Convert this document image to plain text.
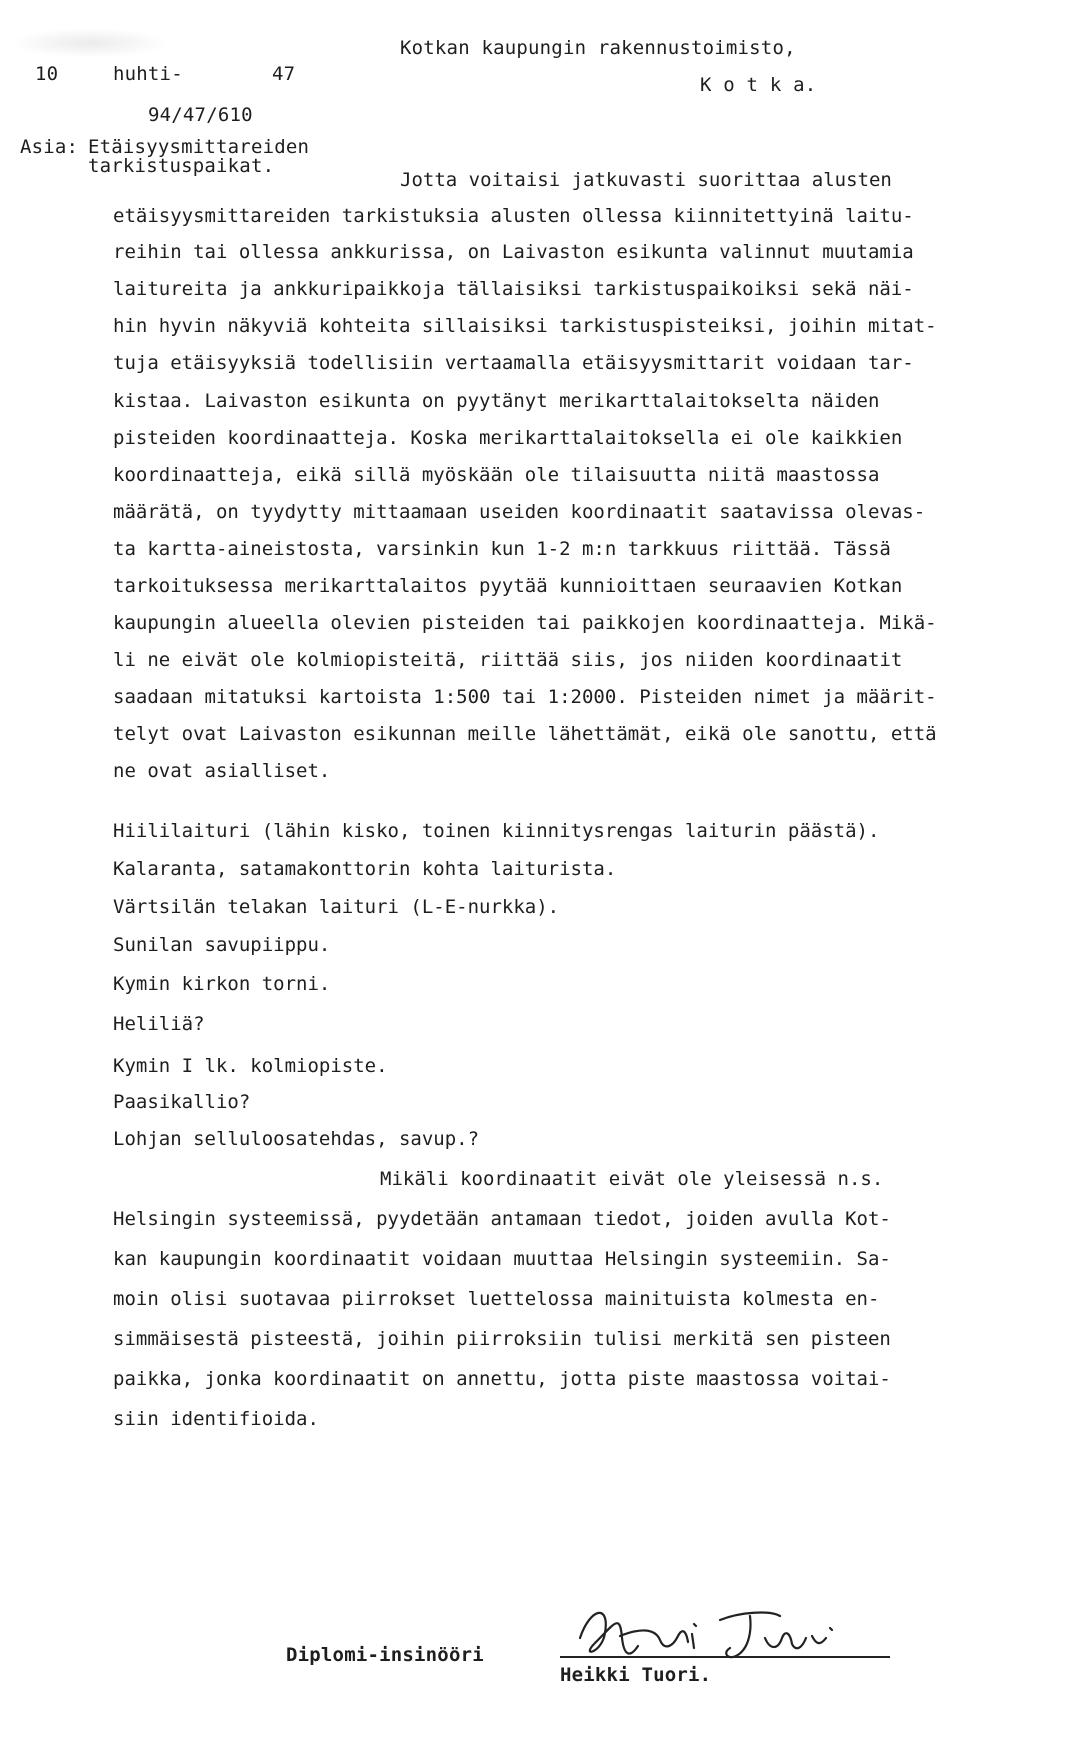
10	huhti-	47
94/47/610
Kotkan kaupungin rakennustoimisto,
K o t k a.
Asia: Etäisyysmittareiden
tarkistuspaikat.
Jotta voitaisi jatkuvasti suorittaa alusten
etäisyysmittareiden tarkistuksia alusten ollessa kiinnitettyinä laitu-
reihin tai ollessa ankkurissa, on Laivaston esikunta valinnut muutamia
laitureita ja ankkuripaikkoja tällaisiksi tarkistuspaikoiksi sekä näi-
hin hyvin näkyviä kohteita sillaisiksi tarkistuspisteiksi, joihin mitat-
tuja etäisyyksiä todellisiin vertaamalla etäisyysmittarit voidaan tar-
kistaa. Laivaston esikunta on pyytänyt merikarttalaitokselta näiden
pisteiden koordinaatteja. Koska merikarttalaitoksella ei ole kaikkien
koordinaatteja, eikä sillä myöskään ole tilaisuutta niitä maastossa
määrätä, on tyydytty mittaamaan useiden koordinaatit saatavissa olevas-
ta kartta-aineistosta, varsinkin kun 1-2 m:n tarkkuus riittää. Tässä
tarkoituksessa merikarttalaitos pyytää kunnioittaen seuraavien Kotkan
kaupungin alueella olevien pisteiden tai paikkojen koordinaatteja. Mikä-
li ne eivät ole kolmiopisteitä, riittää siis, jos niiden koordinaatit
saadaan mitatuksi kartoista 1:500 tai 1:2000. Pisteiden nimet ja määrit-
telyt ovat Laivaston esikunnan meille lähettämät, eikä ole sanottu, että
ne ovat asialliset.
Hiililaituri (lähin kisko, toinen kiinnitysrengas laiturin päästä).
Kalaranta, satamakonttorin kohta laiturista.
Värtsilän telakan laituri (L-E-nurkka).
Sunilan savupiippu.
Kymin kirkon torni.
Heliliä?
Kymin I lk. kolmiopiste.
Paasikallio?
Lohjan selluloosatehdas, savup.?
Mikäli koordinaatit eivät ole yleisessä n.s.
Helsingin systeemissä, pyydetään antamaan tiedot, joiden avulla Kot-
kan kaupungin koordinaatit voidaan muuttaa Helsingin systeemiin. Sa-
moin olisi suotavaa piirrokset luettelossa mainituista kolmesta en-
simmäisestä pisteestä, joihin piirroksiin tulisi merkitä sen pisteen
paikka, jonka koordinaatit on annettu, jotta piste maastossa voitai-
siin identifioida.
Diplomi-insinööri
Heikki Tuori.
